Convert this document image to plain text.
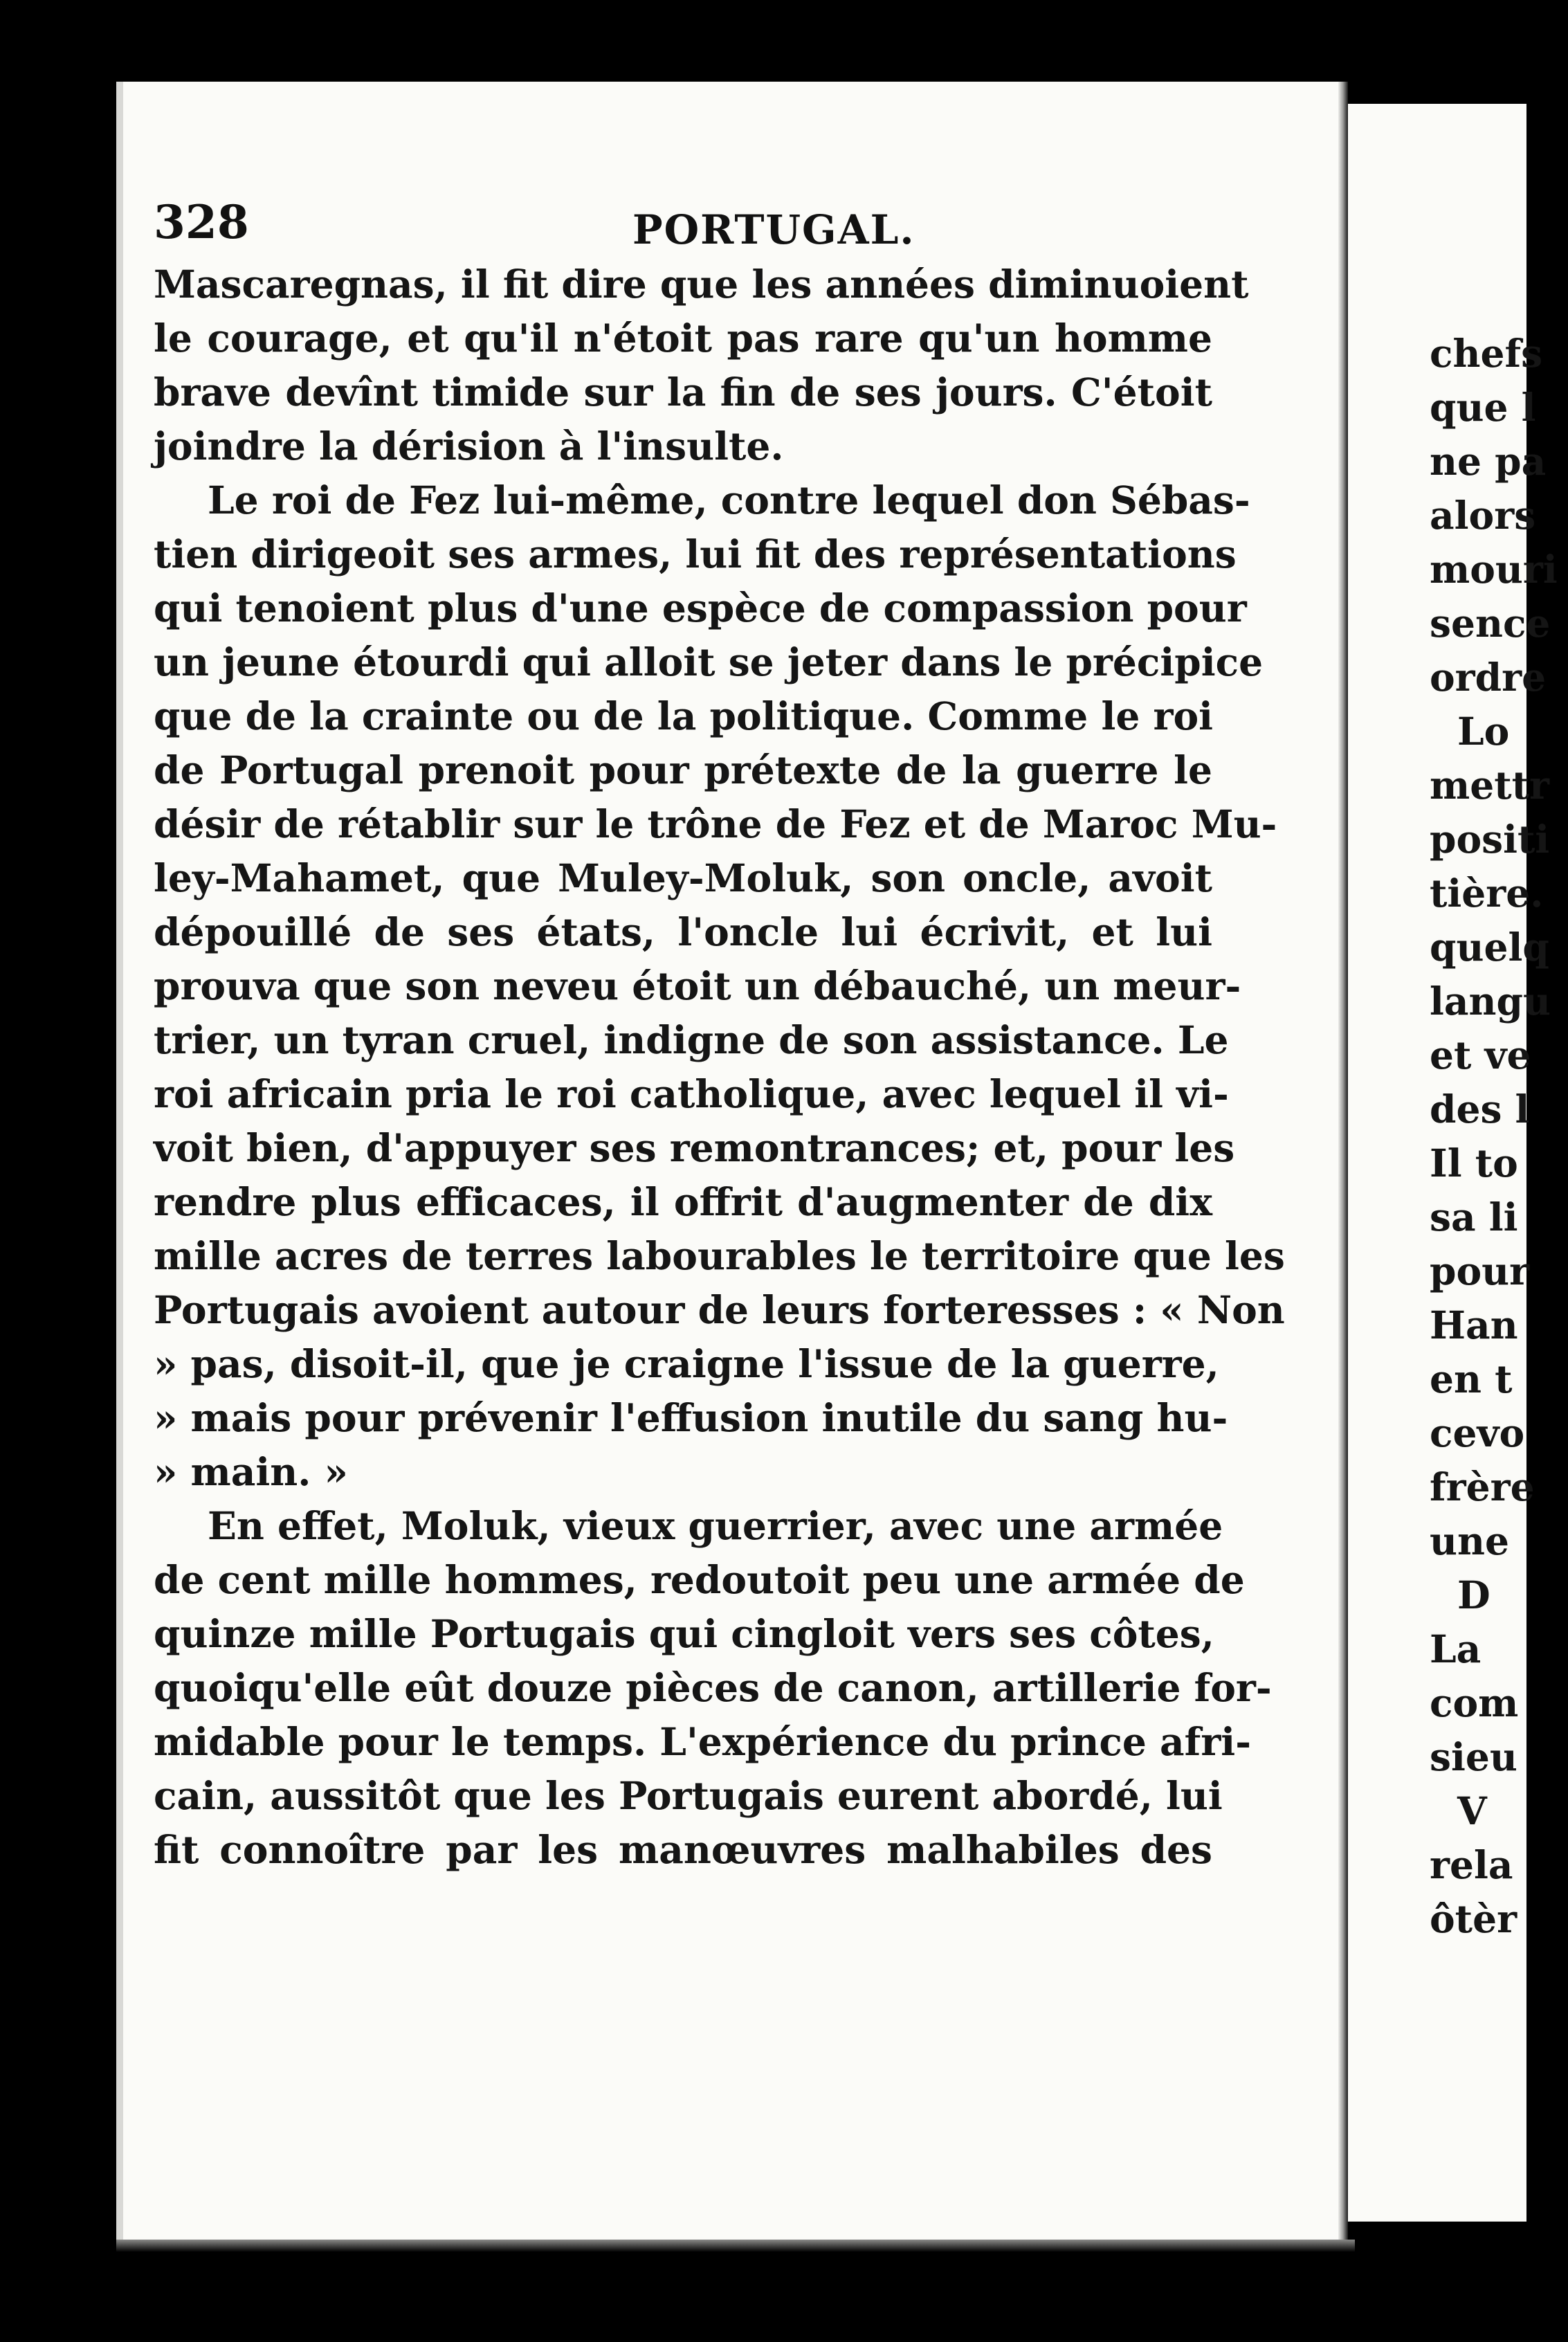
328	PORTUGAL.
Mascaregnas, il fit dire que les années diminuoient
le courage, et qu'il n'étoit pas rare qu'un homme
brave devînt timide sur la fin de ses jours. C'étoit
joindre la dérision à l'insulte.
Le roi de Fez lui-même, contre lequel don Sébas-
tien dirigeoit ses armes, lui fit des représentations
qui tenoient plus d'une espèce de compassion pour
un jeune étourdi qui alloit se jeter dans le précipice
que de la crainte ou de la politique. Comme le roi
de Portugal prenoit pour prétexte de la guerre le
désir de rétablir sur le trône de Fez et de Maroc Mu-
ley-Mahamet, que Muley-Moluk, son oncle, avoit
dépouillé de ses états, l'oncle lui écrivit, et lui
prouva que son neveu étoit un débauché, un meur-
trier, un tyran cruel, indigne de son assistance. Le
roi africain pria le roi catholique, avec lequel il vi-
voit bien, d'appuyer ses remontrances; et, pour les
rendre plus efficaces, il offrit d'augmenter de dix
mille acres de terres labourables le territoire que les
Portugais avoient autour de leurs forteresses : « Non
» pas, disoit-il, que je craigne l'issue de la guerre,
» mais pour prévenir l'effusion inutile du sang hu-
» main. »
En effet, Moluk, vieux guerrier, avec une armée
de cent mille hommes, redoutoit peu une armée de
quinze mille Portugais qui cingloit vers ses côtes,
quoiqu'elle eût douze pièces de canon, artillerie for-
midable pour le temps. L'expérience du prince afri-
cain, aussitôt que les Portugais eurent abordé, lui
fit connoître par les manœuvres malhabiles des
chefs
que l
ne pa
alors
mouri
sence
ordre
Lo
mettr
positi
tière.
quelq
langu
et ve
des l
Il to
sa li
pour
Han
en t
cevo
frère
une
D
La
com
sieu
V
rela
ôtèr
